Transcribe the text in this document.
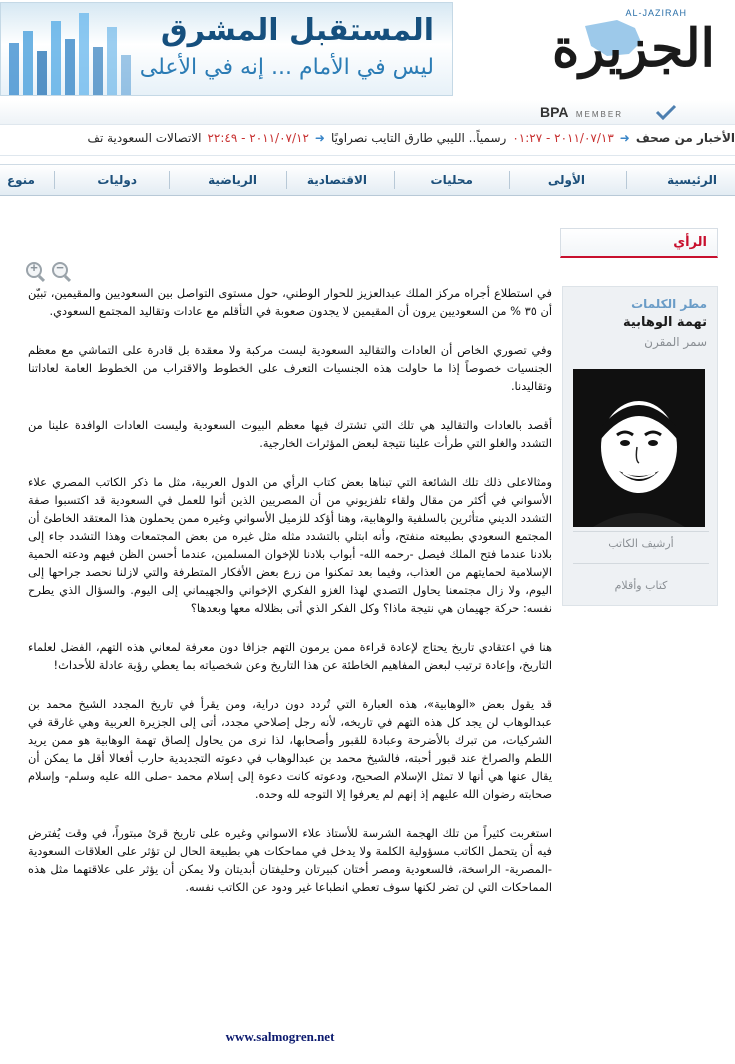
المستقبل المشرق
ليس في الأمام ... إنه في الأعلى
AL-JAZIRAH
الجزيرة
BPA MEMBER
الأخبار من صحف
➜
٢٠١١/٠٧/١٣ - ٠١:٢٧
رسمياً.. الليبي طارق التايب نصراويًا
➜
٢٠١١/٠٧/١٢ - ٢٢:٤٩
الاتصالات السعودية تف
الرئيسية
الأولى
محليات
الاقتصادية
الرياضية
دوليات
منوع
الرأي
+ −
مطر الكلمات
تهمة الوهابية
سمر المقرن
أرشيف الكاتب
كتاب وأقلام

في استطلاع أجراه مركز الملك عبدالعزيز للحوار الوطني، حول مستوى التواصل بين السعوديين والمقيمين، تبيّن أن ٣٥ % من السعوديين يرون أن المقيمين لا يجدون صعوبة في التأقلم مع عادات وتقاليد المجتمع السعودي.

وفي تصوري الخاص أن العادات والتقاليد السعودية ليست مركبة ولا معقدة بل قادرة على التماشي مع معظم الجنسيات خصوصاً إذا ما حاولت هذه الجنسيات التعرف على الخطوط والاقتراب من الخطوط العامة لعاداتنا وتقاليدنا.

أقصد بالعادات والتقاليد هي تلك التي تشترك فيها معظم البيوت السعودية وليست العادات الوافدة علينا من التشدد والغلو التي طرأت علينا نتيجة لبعض المؤثرات الخارجية.

ومثالاعلى ذلك تلك الشائعة التي تبناها بعض كتاب الرأي من الدول العربية، مثل ما ذكر الكاتب المصري علاء الأسواني في أكثر من مقال ولقاء تلفزيوني من أن المصريين الذين أتوا للعمل في السعودية قد اكتسبوا صفة التشدد الديني متأثرين بالسلفية والوهابية، وهنا أؤكد للزميل الأسواني وغيره ممن يحملون هذا المعتقد الخاطئ أن المجتمع السعودي بطبيعته منفتح، وأنه ابتلي بالتشدد مثله مثل غيره من بعض المجتمعات وهذا التشدد جاء إلى بلادنا عندما فتح الملك فيصل -رحمه الله- أبواب بلادنا للإخوان المسلمين، عندما أحسن الظن فيهم ودعته الحمية الإسلامية لحمايتهم من العذاب، وفيما بعد تمكنوا من زرع بعض الأفكار المتطرفة والتي لازلنا نحصد جراحها إلى اليوم، ولا زال مجتمعنا يحاول التصدي لهذا الغزو الفكري الإخواني والجهيماني إلى اليوم. والسؤال الذي يطرح نفسه: حركة جهيمان هي نتيجة ماذا؟ وكل الفكر الذي أتى بظلاله معها وبعدها؟

هنا في اعتقادي تاريخ يحتاج لإعادة قراءة ممن يرمون التهم جزافا دون معرفة لمعاني هذه التهم، الفضل لعلماء التاريخ، وإعادة ترتيب لبعض المفاهيم الخاطئة عن هذا التاريخ وعن شخصياته بما يعطي رؤية عادلة للأحداث!

قد يقول بعض «الوهابية»، هذه العبارة التي تُردد دون دراية، ومن يقرأ في تاريخ المجدد الشيخ محمد بن عبدالوهاب لن يجد كل هذه التهم في تاريخه، لأنه رجل إصلاحي مجدد، أتى إلى الجزيرة العربية وهي غارقة في الشركيات، من تبرك بالأضرحة وعبادة للقبور وأصحابها، لذا نرى من يحاول إلصاق تهمة الوهابية هو ممن يريد اللطم والصراخ عند قبور أحبته، فالشيخ محمد بن عبدالوهاب في دعوته التجديدية حارب أفعالا أقل ما يمكن أن يقال عنها هي أنها لا تمثل الإسلام الصحيح، ودعوته كانت دعوة إلى إسلام محمد -صلى الله عليه وسلم- وإسلام صحابته رضوان الله عليهم إذ إنهم لم يعرفوا إلا التوجه لله وحده.

استغربت كثيراً من تلك الهجمة الشرسة للأستاذ علاء الاسواني وغيره على تاريخ قرئ مبتوراً، في وقت يُفترض فيه أن يتحمل الكاتب مسؤولية الكلمة ولا يدخل في مماحكات هي بطبيعة الحال لن تؤثر على العلاقات السعودية -المصرية- الراسخة، فالسعودية ومصر أختان كبيرتان وحليفتان أبديتان ولا يمكن أن يؤثر على علاقتهما مثل هذه المماحكات التي لن تضر لكنها سوف تعطي انطباعا غير ودود عن الكاتب نفسه.

www.salmogren.net
